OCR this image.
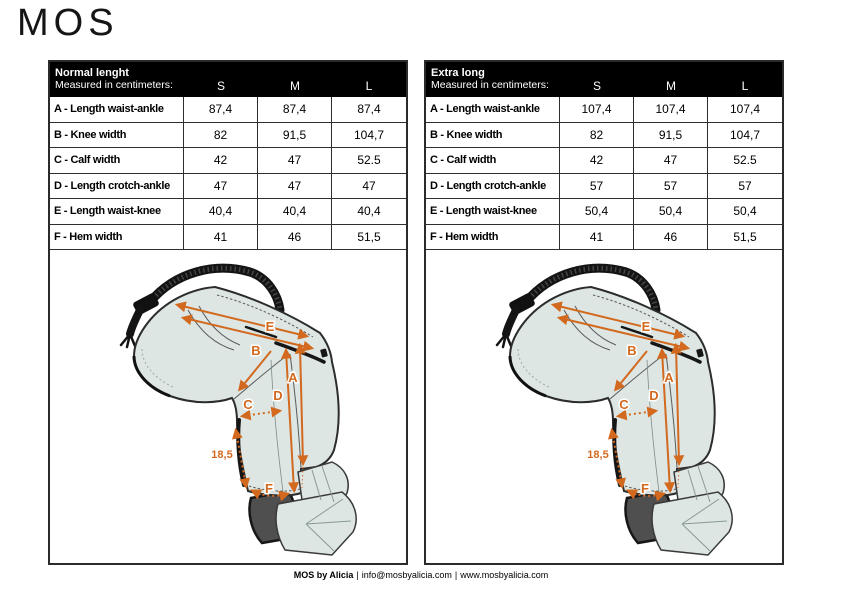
MOS
Normal lenght
Measured in centimeters:	S	M	L
A - Length waist-ankle	87,4	87,4	87,4
B - Knee width	82	91,5	104,7
C - Calf width	42	47	52.5
D - Length crotch-ankle	47	47	47
E - Length waist-knee	40,4	40,4	40,4
F - Hem width	41	46	51,5
E
B
A
D
C
F
18,5
Extra long
Measured in centimeters:	S	M	L
A - Length waist-ankle	107,4	107,4	107,4
B - Knee width	82	91,5	104,7
C - Calf width	42	47	52.5
D - Length crotch-ankle	57	57	57
E - Length waist-knee	50,4	50,4	50,4
F - Hem width	41	46	51,5
MOS by Alicia | info@mosbyalicia.com | www.mosbyalicia.com
